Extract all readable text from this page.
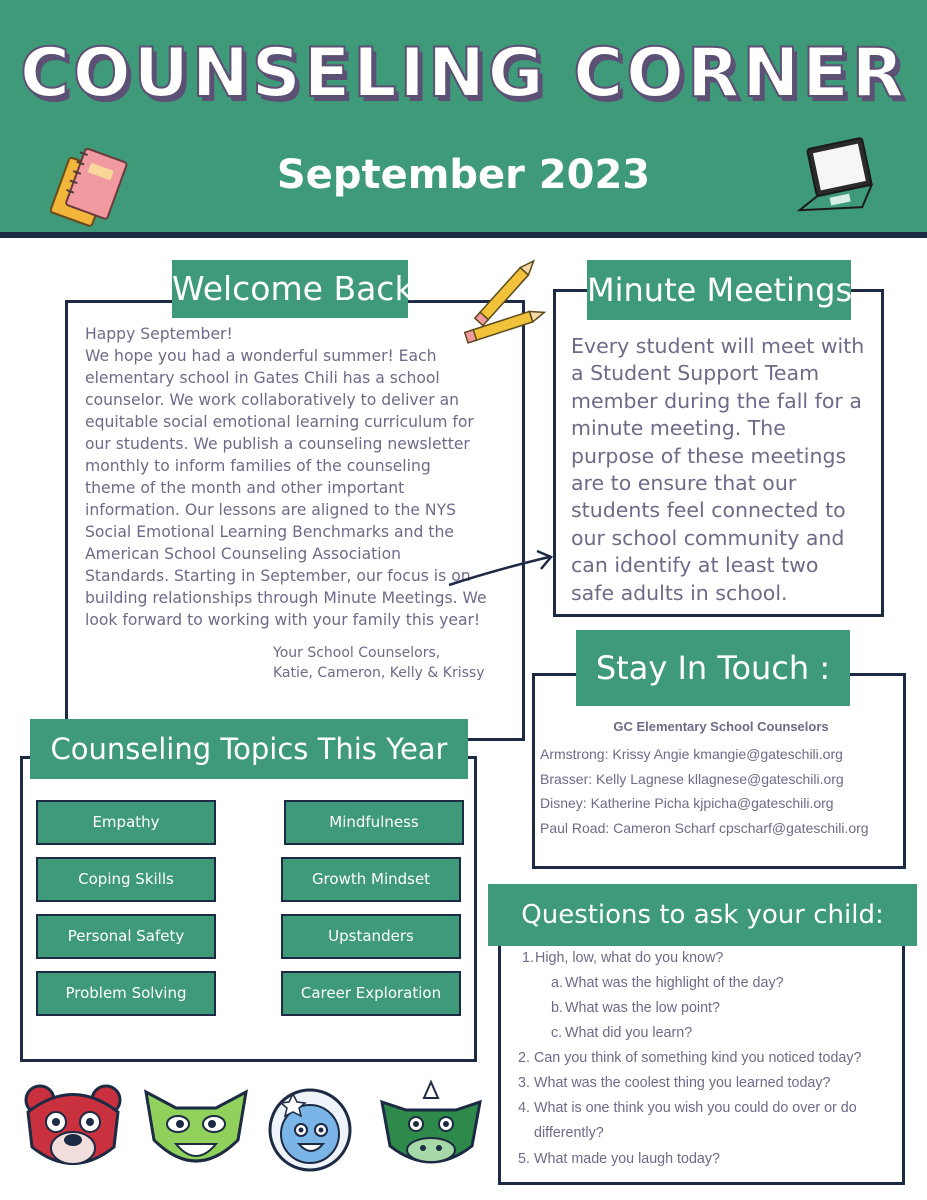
COUNSELING CORNER
September 2023
Welcome Back!
Happy September!
We hope you had a wonderful summer! Each
elementary school in Gates Chili has a school
counselor. We work collaboratively to deliver an
equitable social emotional learning curriculum for
our students. We publish a counseling newsletter
monthly to inform families of the counseling
theme of the month and other important
information. Our lessons are aligned to the NYS
Social Emotional Learning Benchmarks and the
American School Counseling Association
Standards. Starting in September, our focus is on
building relationships through Minute Meetings. We
look forward to working with your family this year!
Your School Counselors,
Katie, Cameron, Kelly & Krissy
Minute Meetings
Every student will meet with
a Student Support Team
member during the fall for a
minute meeting. The
purpose of these meetings
are to ensure that our
students feel connected to
our school community and
can identify at least two
safe adults in school.
Counseling Topics This Year
Empathy	Mindfulness
Coping Skills	Growth Mindset
Personal Safety	Upstanders
Problem Solving	Career Exploration
Stay In Touch :
GC Elementary School Counselors
Armstrong: Krissy Angie kmangie@gateschili.org
Brasser: Kelly Lagnese kllagnese@gateschili.org
Disney: Katherine Picha kjpicha@gateschili.org
Paul Road: Cameron Scharf cpscharf@gateschili.org
Questions to ask your child:
1. High, low, what do you know?
a. What was the highlight of the day?
b. What was the low point?
c. What did you learn?
2. Can you think of something kind you noticed today?
3. What was the coolest thing you learned today?
4. What is one think you wish you could do over or do
differently?
5. What made you laugh today?
